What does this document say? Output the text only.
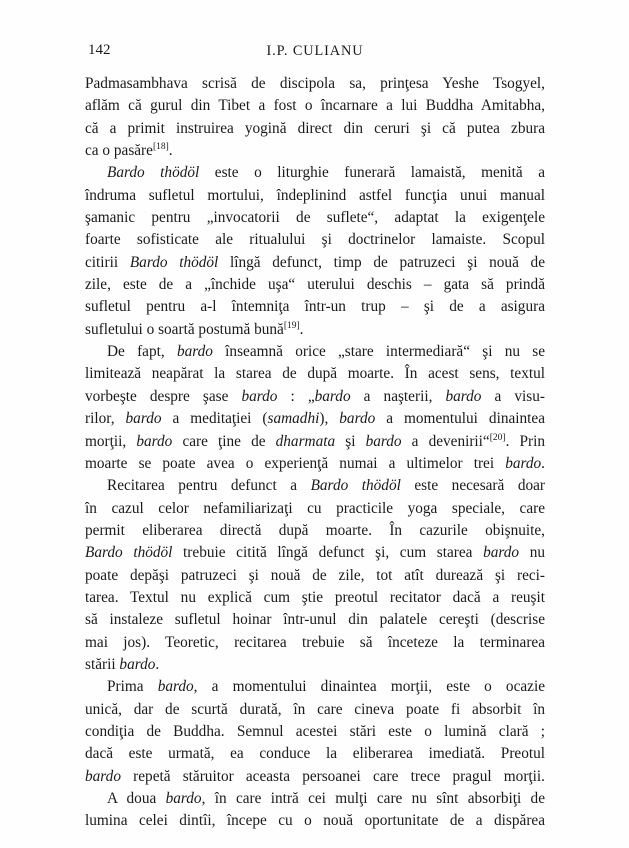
142	I.P. CULIANU
Padmasambhava scrisă de discipola sa, prinţesa Yeshe Tsogyel,
aflăm că gurul din Tibet a fost o încarnare a lui Buddha Amitabha,
că a primit instruirea yogină direct din ceruri şi că putea zbura
ca o pasăre[18].
Bardo thödöl este o liturghie funerară lamaistă, menită a
îndruma sufletul mortului, îndeplinind astfel funcţia unui manual
şamanic pentru „invocatorii de suflete“, adaptat la exigenţele
foarte sofisticate ale ritualului şi doctrinelor lamaiste. Scopul
citirii Bardo thödöl lîngă defunct, timp de patruzeci şi nouă de
zile, este de a „închide uşa“ uterului deschis – gata să prindă
sufletul pentru a-l întemniţa într-un trup – şi de a asigura
sufletului o soartă postumă bună[19].
De fapt, bardo înseamnă orice „stare intermediară“ şi nu se
limitează neapărat la starea de după moarte. În acest sens, textul
vorbeşte despre şase bardo : „bardo a naşterii, bardo a visu-
rilor, bardo a meditaţiei (samadhi), bardo a momentului dinaintea
morţii, bardo care ţine de dharmata şi bardo a devenirii“[20]. Prin
moarte se poate avea o experienţă numai a ultimelor trei bardo.
Recitarea pentru defunct a Bardo thödöl este necesară doar
în cazul celor nefamiliarizaţi cu practicile yoga speciale, care
permit eliberarea directă după moarte. În cazurile obişnuite,
Bardo thödöl trebuie citită lîngă defunct şi, cum starea bardo nu
poate depăşi patruzeci şi nouă de zile, tot atît durează şi reci-
tarea. Textul nu explică cum ştie preotul recitator dacă a reuşit
să instaleze sufletul hoinar într-unul din palatele cereşti (descrise
mai jos). Teoretic, recitarea trebuie să înceteze la terminarea
stării bardo.
Prima bardo, a momentului dinaintea morţii, este o ocazie
unică, dar de scurtă durată, în care cineva poate fi absorbit în
condiţia de Buddha. Semnul acestei stări este o lumină clară ;
dacă este urmată, ea conduce la eliberarea imediată. Preotul
bardo repetă stăruitor aceasta persoanei care trece pragul morţii.
A doua bardo, în care intră cei mulţi care nu sînt absorbiţi de
lumina celei dintîi, începe cu o nouă oportunitate de a dispărea
